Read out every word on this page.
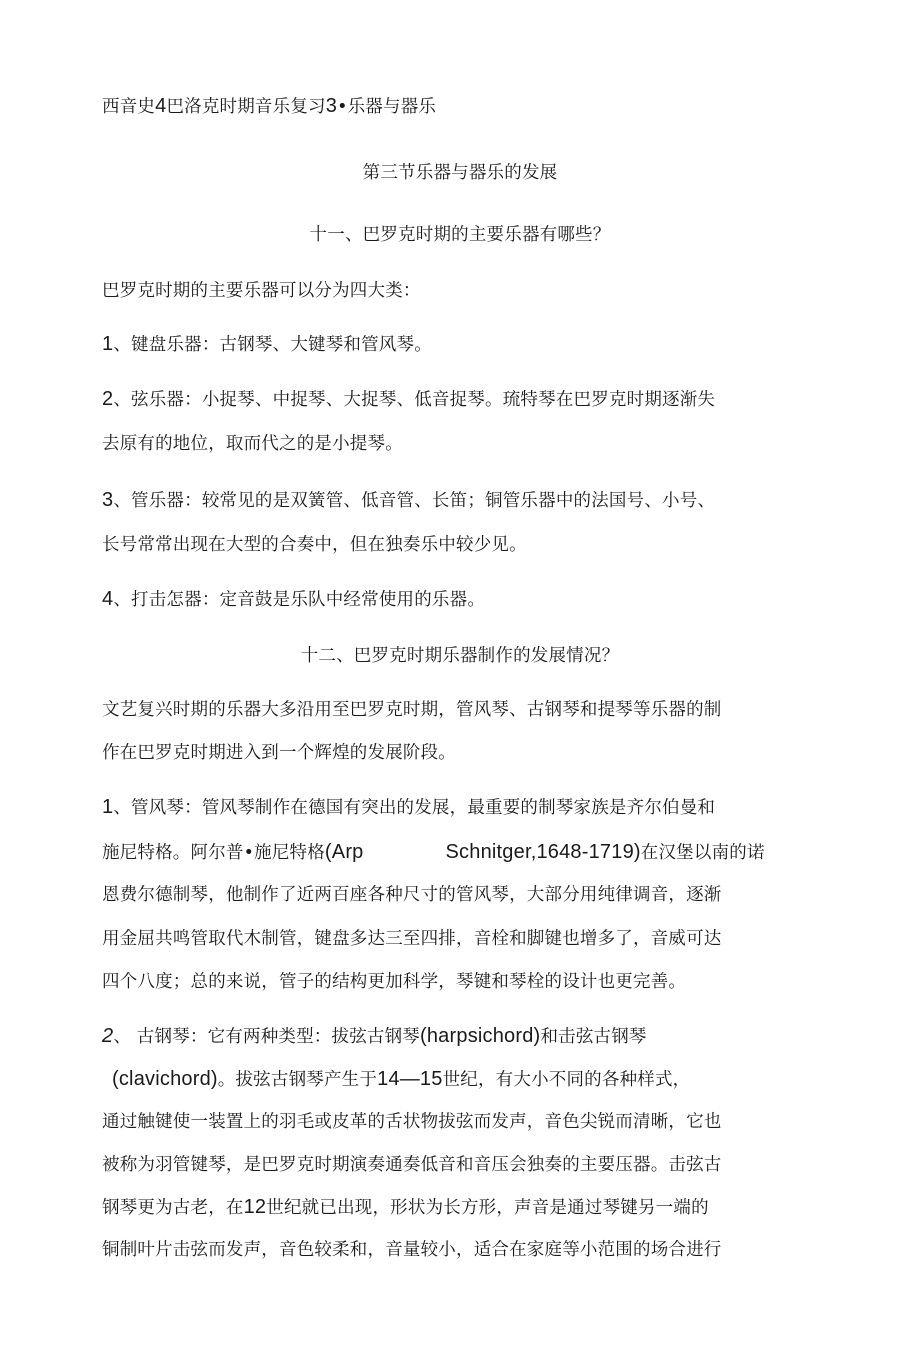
西音史4巴洛克时期音乐复习3•乐器与器乐
第三节乐器与器乐的发展
十一、巴罗克时期的主要乐器有哪些？
巴罗克时期的主要乐器可以分为四大类：
1、键盘乐器：古钢琴、大键琴和管风琴。
2、弦乐器：小捉琴、中捉琴、大捉琴、低音捉琴。琉特琴在巴罗克时期逐渐失
去原有的地位，取而代之的是小提琴。
3、管乐器：较常见的是双簧管、低音管、长笛；铜管乐器中的法国号、小号、
长号常常出现在大型的合奏中，但在独奏乐中较少见。
4、打击怎器：定音鼓是乐队中经常使用的乐器。
十二、巴罗克时期乐器制作的发展情况？
文艺复兴时期的乐器大多沿用至巴罗克时期，管风琴、古钢琴和提琴等乐器的制
作在巴罗克时期进入到一个辉煌的发展阶段。
1、管风琴：管风琴制作在德国有突出的发展，最重要的制琴家族是齐尔伯曼和
施尼特格。阿尔普•施尼特格(Arp	Schnitger,1648-1719)在汉堡以南的诺
恩费尔德制琴，他制作了近两百座各种尺寸的管风琴，大部分用纯律调音，逐渐
用金屈共鸣管取代木制管，键盘多达三至四排，音栓和脚键也增多了，音威可达
四个八度；总的来说，管子的结构更加科学，琴键和琴栓的设计也更完善。
2、 古钢琴：它有两种类型：拔弦古钢琴(harpsichord)和击弦古钢琴
(clavichord)。拔弦古钢琴产生于14—15世纪，有大小不同的各种样式，
通过触键使一装置上的羽毛或皮革的舌状物拔弦而发声，音色尖锐而清晰，它也
被称为羽管键琴，是巴罗克时期演奏通奏低音和音压会独奏的主要压器。击弦古
钢琴更为古老，在12世纪就已出现，形状为长方形，声音是通过琴键另一端的
铜制叶片击弦而发声，音色较柔和，音量较小，适合在家庭等小范围的场合进行
